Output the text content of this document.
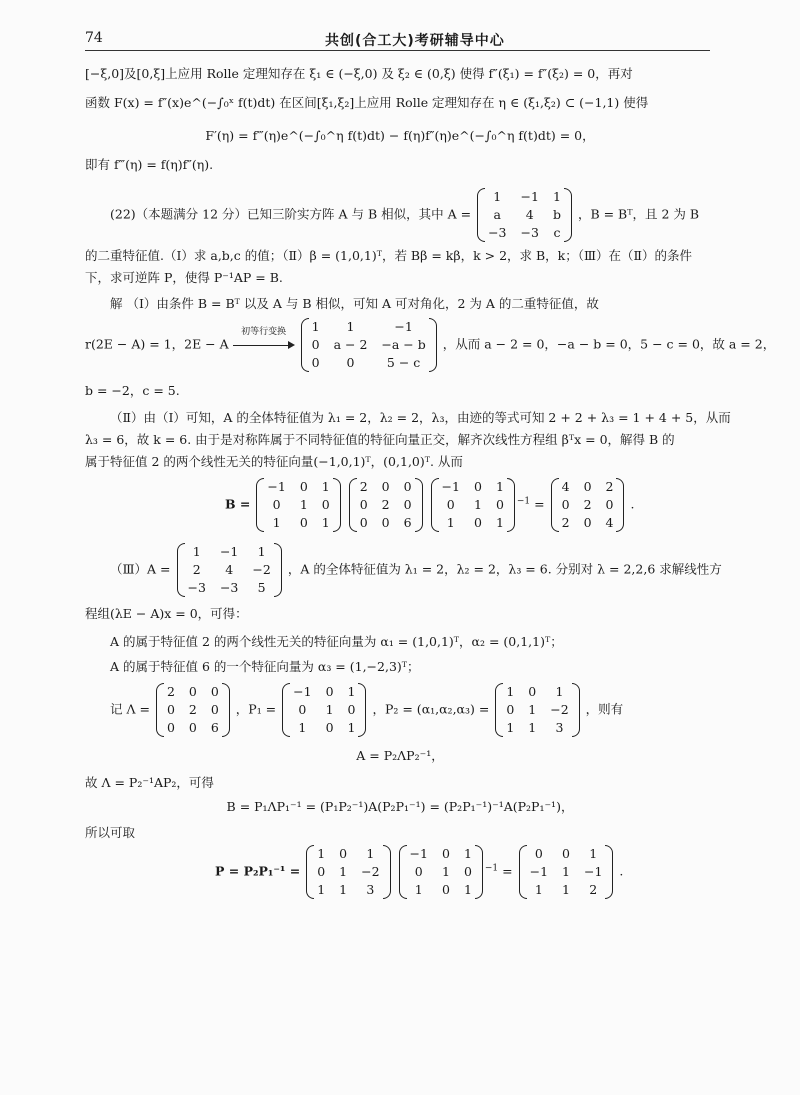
74	共创(合工大)考研辅导中心
[−ξ,0]及[0,ξ]上应用 Rolle 定理知存在 ξ₁ ∈ (−ξ,0) 及 ξ₂ ∈ (0,ξ) 使得 f″(ξ₁) = f″(ξ₂) = 0，再对
函数 F(x) = f″(x)e^(−∫₀ˣ f(t)dt) 在区间[ξ₁,ξ₂]上应用 Rolle 定理知存在 η ∈ (ξ₁,ξ₂) ⊂ (−1,1) 使得
F′(η) = f‴(η)e^(−∫₀^η f(t)dt) − f(η)f″(η)e^(−∫₀^η f(t)dt) = 0，
即有 f‴(η) = f(η)f″(η).
(22)（本题满分 12 分）已知三阶实方阵 A 与 B 相似，其中 A =
1	−1 1
a	4	b
−3 −3 c
，B = Bᵀ，且 2 为 B
的二重特征值.（Ⅰ）求 a,b,c 的值；（Ⅱ）β = (1,0,1)ᵀ，若 Bβ = kβ，k > 2，求 B，k；（Ⅲ）在（Ⅱ）的条件
下，求可逆阵 P，使得 P⁻¹AP = B.
解 （Ⅰ）由条件 B = Bᵀ 以及 A 与 B 相似，可知 A 可对角化，2 为 A 的二重特征值，故
r(2E − A) = 1，2E − A
初等行变换
	1	1	−1
0 a − 2 −a − b
0	0	5 − c
，从而 a − 2 = 0，−a − b = 0，5 − c = 0，故 a = 2，
b = −2，c = 5.
（Ⅱ）由（Ⅰ）可知，A 的全体特征值为 λ₁ = 2，λ₂ = 2，λ₃，由迹的等式可知 2 + 2 + λ₃ = 1 + 4 + 5，从而
λ₃ = 6，故 k = 6. 由于是对称阵属于不同特征值的特征向量正交，解齐次线性方程组 βᵀx = 0，解得 B 的
属于特征值 2 的两个线性无关的特征向量(−1,0,1)ᵀ，(0,1,0)ᵀ. 从而
B =
−1 0 1
0	1 0
1	0 1

2 0 0
0 2 0
0 0 6

−1 0 1
0	1 0
1	0 1
$^{-1}$ =
4 0 2
0 2 0
2 0 4
.
（Ⅲ）A =
1	−1	1
2	4	−2
−3 −3	5
，A 的全体特征值为 λ₁ = 2，λ₂ = 2，λ₃ = 6. 分别对 λ = 2,2,6 求解线性方
程组(λE − A)x = 0，可得：
A 的属于特征值 2 的两个线性无关的特征向量为 α₁ = (1,0,1)ᵀ，α₂ = (0,1,1)ᵀ；
A 的属于特征值 6 的一个特征向量为 α₃ = (1,−2,3)ᵀ；
记 Λ =
2 0 0
0 2 0
0 0 6
，P₁ =
−1 0 1
0	1 0
1	0 1
，P₂ = (α₁,α₂,α₃) =
1 0	1
0 1 −2
1 1	3
，则有
A = P₂ΛP₂⁻¹，
故 Λ = P₂⁻¹AP₂，可得
B = P₁ΛP₁⁻¹ = (P₁P₂⁻¹)A(P₂P₁⁻¹) = (P₂P₁⁻¹)⁻¹A(P₂P₁⁻¹)，
所以可取
P = P₂P₁⁻¹ =
1 0	1
0 1 −2
1 1	3

−1 0 1
0	1 0
1	0 1
$^{-1}$ =
0	0	1
−1 1 −1
1	1	2
.
